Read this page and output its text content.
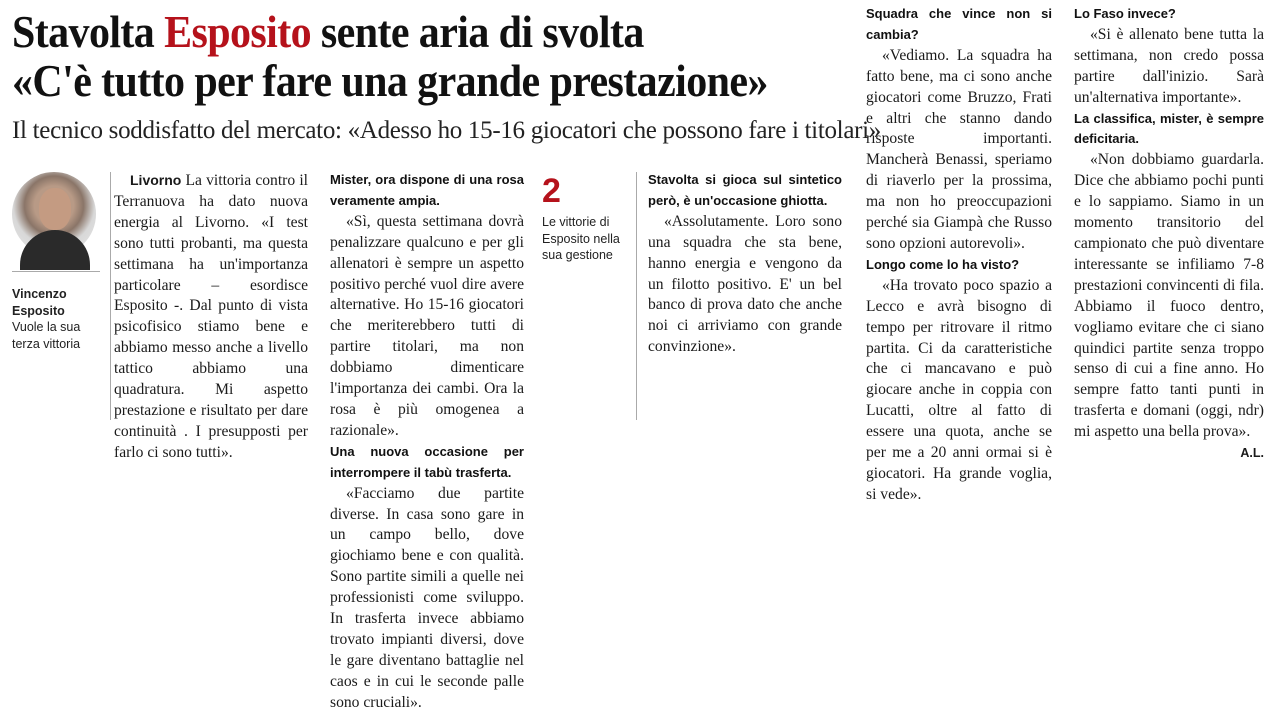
Stavolta Esposito sente aria di svolta
«C'è tutto per fare una grande prestazione»
Il tecnico soddisfatto del mercato: «Adesso ho 15-16 giocatori che possono fare i titolari»
Vincenzo
Esposito
Vuole la sua terza vittoria

Livorno La vittoria contro il Terranuova ha dato nuova energia al Livorno. «I test sono tutti probanti, ma questa settimana ha un'importanza particolare – esordisce Esposito -. Dal punto di vista psicofisico stiamo bene e abbiamo messo anche a livello tattico abbiamo una quadratura. Mi aspetto prestazione e risultato per dare continuità . I presupposti per farlo ci sono tutti».

Mister, ora dispone di una rosa veramente ampia.

«Sì, questa settimana dovrà penalizzare qualcuno e per gli allenatori è sempre un aspetto positivo perché vuol dire avere alternative. Ho 15-16 giocatori che meriterebbero tutti di partire titolari, ma non dobbiamo dimenticare l'importanza dei cambi. Ora la rosa è più omogenea a razionale».

Una nuova occasione per interrompere il tabù trasferta.

«Facciamo due partite diverse. In casa sono gare in un campo bello, dove giochiamo bene e con qualità. Sono partite simili a quelle nei professionisti come sviluppo. In trasferta invece abbiamo trovato impianti diversi, dove le gare diventano battaglie nel caos e in cui le seconde palle sono cruciali».

2
Le vittorie di Esposito nella sua gestione

Stavolta si gioca sul sintetico però, è un'occasione ghiotta.

«Assolutamente. Loro sono una squadra che sta bene, hanno energia e vengono da un filotto positivo. E' un bel banco di prova dato che anche noi ci arriviamo con grande convinzione».

Squadra che vince non si cambia?

«Vediamo. La squadra ha fatto bene, ma ci sono anche giocatori come Bruzzo, Frati e altri che stanno dando risposte importanti. Mancherà Benassi, speriamo di riaverlo per la prossima, ma non ho preoccupazioni perché sia Giampà che Russo sono opzioni autorevoli».

Longo come lo ha visto?

«Ha trovato poco spazio a Lecco e avrà bisogno di tempo per ritrovare il ritmo partita. Ci da caratteristiche che ci mancavano e può giocare anche in coppia con Lucatti, oltre al fatto di essere una quota, anche se per me a 20 anni ormai si è giocatori. Ha grande voglia, si vede».

Lo Faso invece?

«Si è allenato bene tutta la settimana, non credo possa partire dall'inizio. Sarà un'alternativa importante».

La classifica, mister, è sempre deficitaria.

«Non dobbiamo guardarla. Dice che abbiamo pochi punti e lo sappiamo. Siamo in un momento transitorio del campionato che può diventare interessante se infiliamo 7-8 prestazioni convincenti di fila. Abbiamo il fuoco dentro, vogliamo evitare che ci siano quindici partite senza troppo senso di cui a fine anno. Ho sempre fatto tanti punti in trasferta e domani (oggi, ndr) mi aspetto una bella prova».

A.L.
